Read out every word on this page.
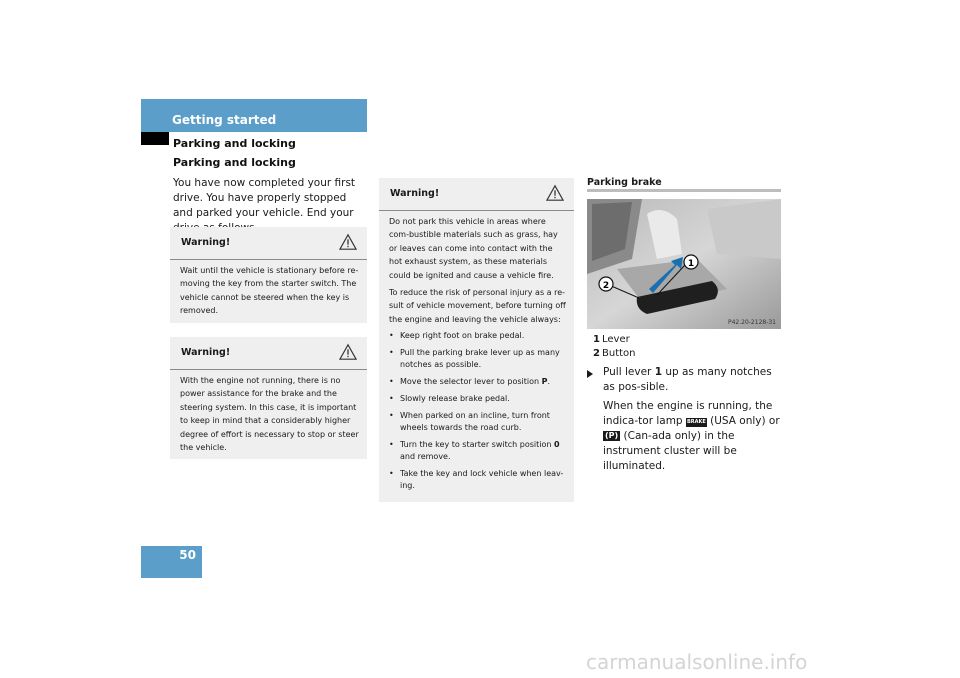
Getting started
Parking and locking
Parking and locking
You have now completed your first drive. You have properly stopped and parked your vehicle. End your
Warning!
Wait until the vehicle is stationary before re-moving the key from the starter switch. The vehicle cannot be steered when the key is removed.
Warning!
With the engine not running, there is no power assistance for the brake and the steering system. In this case, it is important to keep in mind that a considerably higher degree of effort is necessary to stop or steer the vehicle.
Warning!

Do not park this vehicle in areas where com-bustible materials such as grass, hay or leaves can come into contact with the hot exhaust system, as these materials could be ignited and cause a vehicle fire.

To reduce the risk of personal injury as a re-sult of vehicle movement, before turning off the engine and leaving the vehicle always:

• Keep right foot on brake pedal.
• Pull the parking brake lever up as many notches as possible.
• Move the selector lever to position P.
• Slowly release brake pedal.
• When parked on an incline, turn front wheels towards the road curb.
• Turn the key to starter switch position 0 and remove.
• Take the key and lock vehicle when leav-ing.
Parking brake
1
2
P42.20-2128-31
1 Lever
2 Button

Pull lever 1 up as many notches as pos-sible.

When the engine is running, the indica-tor lamp BRAKE (USA only) or (P) (Can-ada only) in the instrument cluster will be illuminated.

50
carmanualsonline.info
